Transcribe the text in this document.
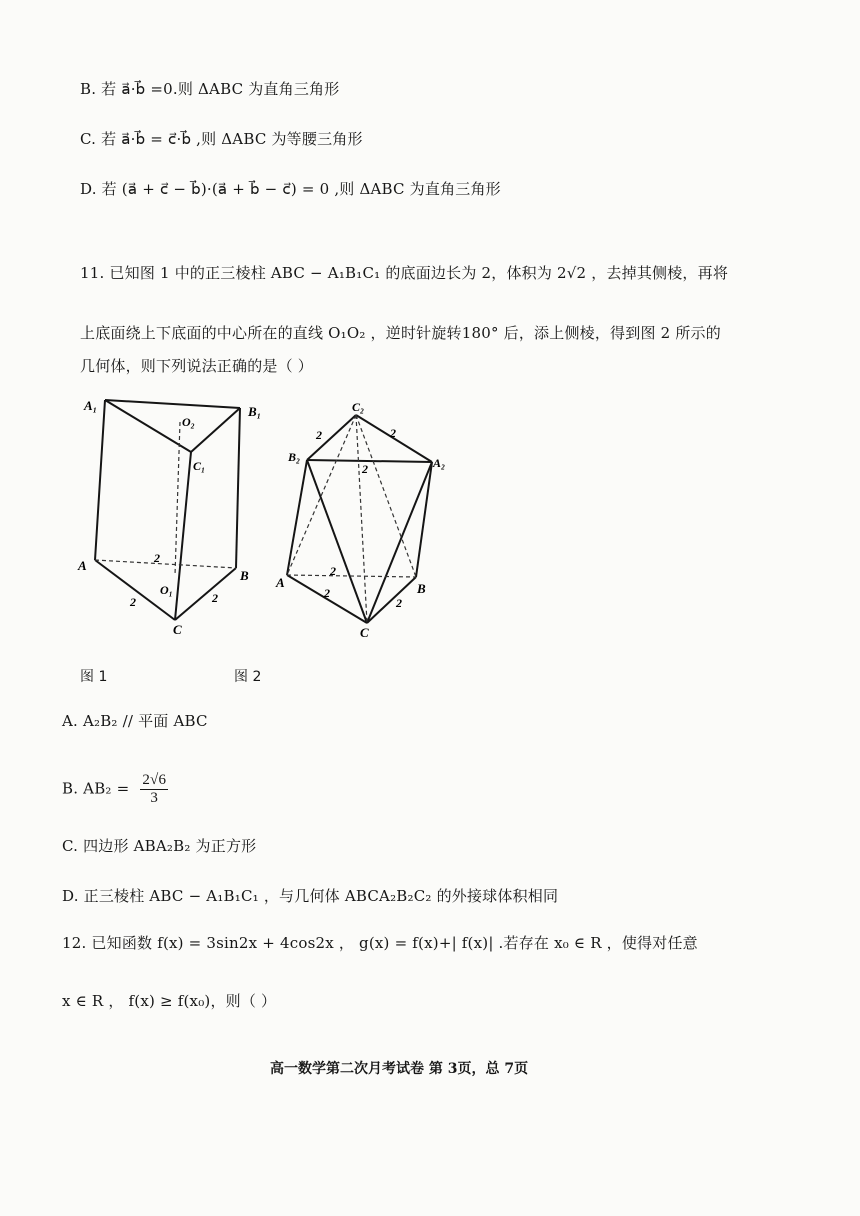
B. 若 a⃗·b⃗ =0.则 ΔABC 为直角三角形
C. 若 a⃗·b⃗ = c⃗·b⃗ ,则 ΔABC 为等腰三角形
D. 若 (a⃗ + c⃗ − b⃗)·(a⃗ + b⃗ − c⃗) = 0 ,则 ΔABC 为直角三角形
11. 已知图 1 中的正三棱柱 ABC − A₁B₁C₁ 的底面边长为 2，体积为 2√2 ，去掉其侧棱，再将
上底面绕上下底面的中心所在的直线 O₁O₂ ，逆时针旋转180° 后，添上侧棱，得到图 2 所示的
几何体，则下列说法正确的是（ ）
A₁
O₂
B₁
C₁
A
B
O₁
C
2
2	2
C₂
B₂	A₂
A	B
C
2	2
2
2
2
2
图 1	图 2
A. A₂B₂ // 平面 ABC
B. $AB_2 = \frac{2√6}{3}$
C. 四边形 ABA₂B₂ 为正方形
D. 正三棱柱 ABC − A₁B₁C₁ ，与几何体 ABCA₂B₂C₂ 的外接球体积相同
12. 已知函数 f(x) = 3sin2x + 4cos2x ， g(x) = f(x)+| f(x)| .若存在 x₀ ∈ R ，使得对任意
x ∈ R ， f(x) ≥ f(x₀)，则（ ）
高一数学第二次月考试卷 第 3页，总 7页
